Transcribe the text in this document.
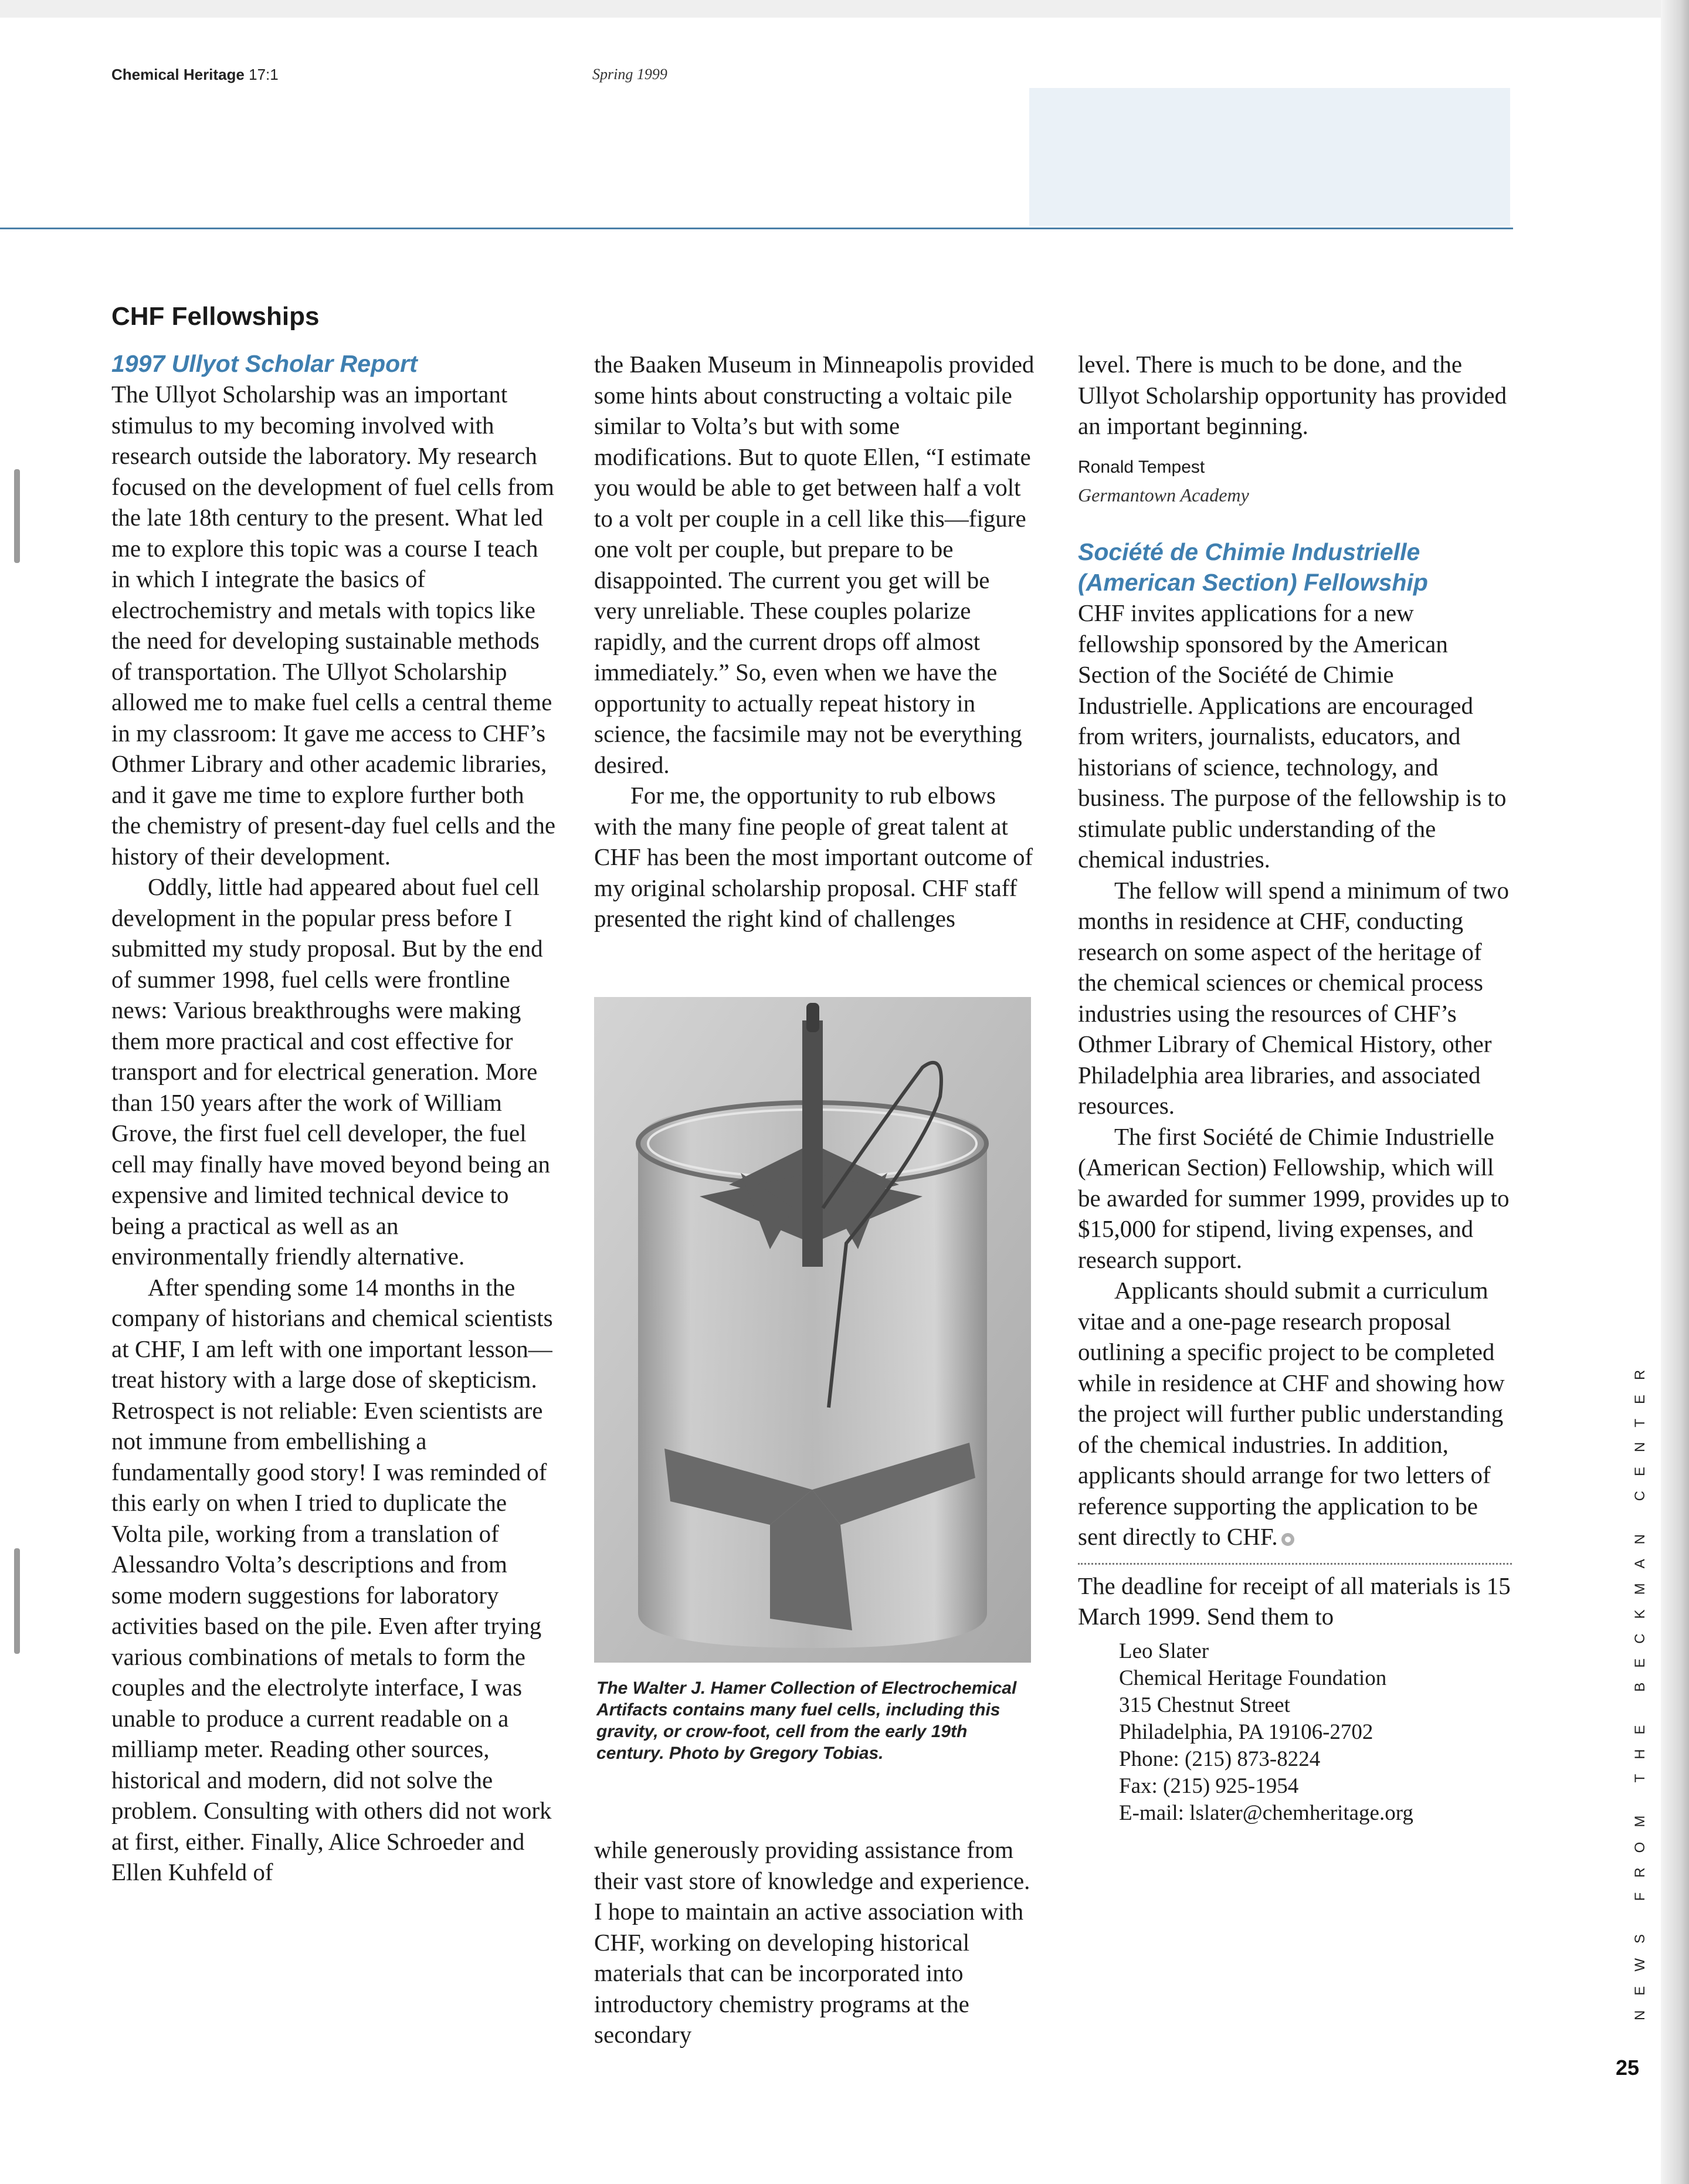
Chemical Heritage 17:1	Spring 1999
CHF Fellowships

1997 Ullyot Scholar Report

The Ullyot Scholarship was an important stimulus to my becoming involved with research outside the laboratory. My research focused on the development of fuel cells from the late 18th century to the present. What led me to explore this topic was a course I teach in which I integrate the basics of electrochemistry and metals with topics like the need for developing sustainable methods of transportation. The Ullyot Scholarship allowed me to make fuel cells a central theme in my classroom: It gave me access to CHF’s Othmer Library and other academic libraries, and it gave me time to explore further both the chemistry of present-day fuel cells and the history of their development.

Oddly, little had appeared about fuel cell development in the popular press before I submitted my study proposal. But by the end of summer 1998, fuel cells were frontline news: Various breakthroughs were making them more practical and cost effective for transport and for electrical generation. More than 150 years after the work of William Grove, the first fuel cell developer, the fuel cell may finally have moved beyond being an expensive and limited technical device to being a practical as well as an environmentally friendly alternative.

After spending some 14 months in the company of historians and chemical scientists at CHF, I am left with one important lesson—treat history with a large dose of skepticism. Retrospect is not reliable: Even scientists are not immune from embellishing a fundamentally good story! I was reminded of this early on when I tried to duplicate the Volta pile, working from a translation of Alessandro Volta’s descriptions and from some modern suggestions for laboratory activities based on the pile. Even after trying various combinations of metals to form the couples and the electrolyte interface, I was unable to produce a current readable on a milliamp meter. Reading other sources, historical and modern, did not solve the problem. Consulting with others did not work at first, either. Finally, Alice Schroeder and Ellen Kuhfeld of

the Baaken Museum in Minneapolis provided some hints about constructing a voltaic pile similar to Volta’s but with some modifications. But to quote Ellen, “I estimate you would be able to get between half a volt to a volt per couple in a cell like this—figure one volt per couple, but prepare to be disappointed. The current you get will be very unreliable. These couples polarize rapidly, and the current drops off almost immediately.” So, even when we have the opportunity to actually repeat history in science, the facsimile may not be everything desired.

For me, the opportunity to rub elbows with the many fine people of great talent at CHF has been the most important outcome of my original scholarship proposal. CHF staff presented the right kind of challenges

The Walter J. Hamer Collection of Electrochemical Artifacts contains many fuel cells, including this gravity, or crow-foot, cell from the early 19th century. Photo by Gregory Tobias.

while generously providing assistance from their vast store of knowledge and experience. I hope to maintain an active association with CHF, working on developing historical materials that can be incorporated into introductory chemistry programs at the secondary

level. There is much to be done, and the Ullyot Scholarship opportunity has provided an important beginning.

Ronald Tempest

Germantown Academy

Société de Chimie Industrielle
(American Section) Fellowship

CHF invites applications for a new fellowship sponsored by the American Section of the Société de Chimie Industrielle. Applications are encouraged from writers, journalists, educators, and historians of science, technology, and business. The purpose of the fellowship is to stimulate public understanding of the chemical industries.

The fellow will spend a minimum of two months in residence at CHF, conducting research on some aspect of the heritage of the chemical sciences or chemical process industries using the resources of CHF’s Othmer Library of Chemical History, other Philadelphia area libraries, and associated resources.

The first Société de Chimie Industrielle (American Section) Fellowship, which will be awarded for summer 1999, provides up to $15,000 for stipend, living expenses, and research support.

Applicants should submit a curriculum vitae and a one-page research proposal outlining a specific project to be completed while in residence at CHF and showing how the project will further public understanding of the chemical industries. In addition, applicants should arrange for two letters of reference supporting the application to be sent directly to CHF.

The deadline for receipt of all materials is 15 March 1999. Send them to

Leo Slater
Chemical Heritage Foundation
315 Chestnut Street
Philadelphia, PA 19106-2702
Phone: (215) 873-8224
Fax: (215) 925-1954
E-mail: lslater@chemheritage.org	NEWS FROM THE BECKMAN CENTER
25
